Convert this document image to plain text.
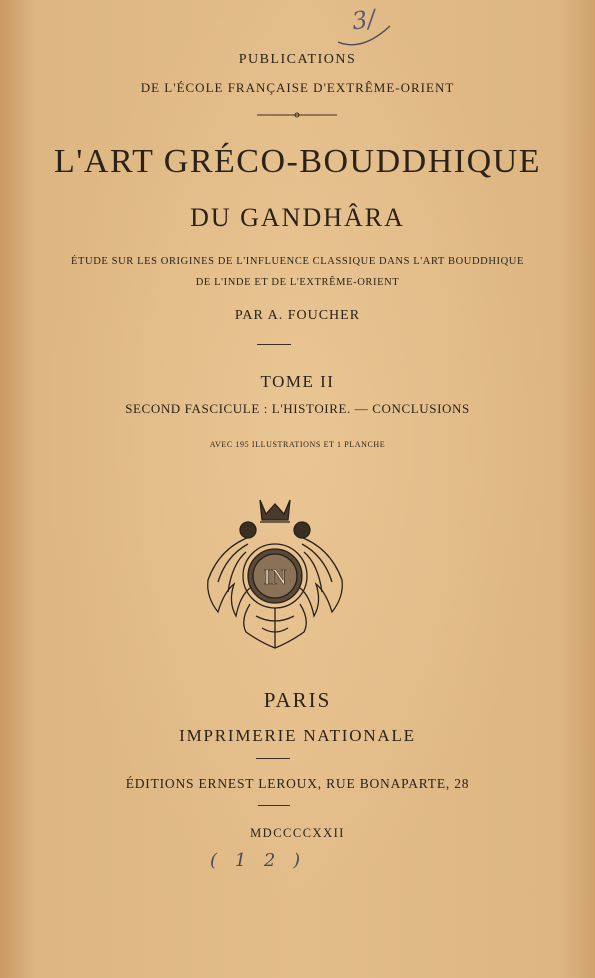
3/
PUBLICATIONS
DE L'ÉCOLE FRANÇAISE D'EXTRÊME-ORIENT
L'ART GRÉCO-BOUDDHIQUE
DU GANDHÂRA
ÉTUDE SUR LES ORIGINES DE L'INFLUENCE CLASSIQUE DANS L'ART BOUDDHIQUE
DE L'INDE ET DE L'EXTRÊME-ORIENT
PAR A. FOUCHER
TOME II
SECOND FASCICULE : L'HISTOIRE. — CONCLUSIONS
AVEC 195 ILLUSTRATIONS ET 1 PLANCHE
IN
PARIS
IMPRIMERIE NATIONALE
ÉDITIONS ERNEST LEROUX, RUE BONAPARTE, 28
MDCCCCXXII
( 1 2 )
